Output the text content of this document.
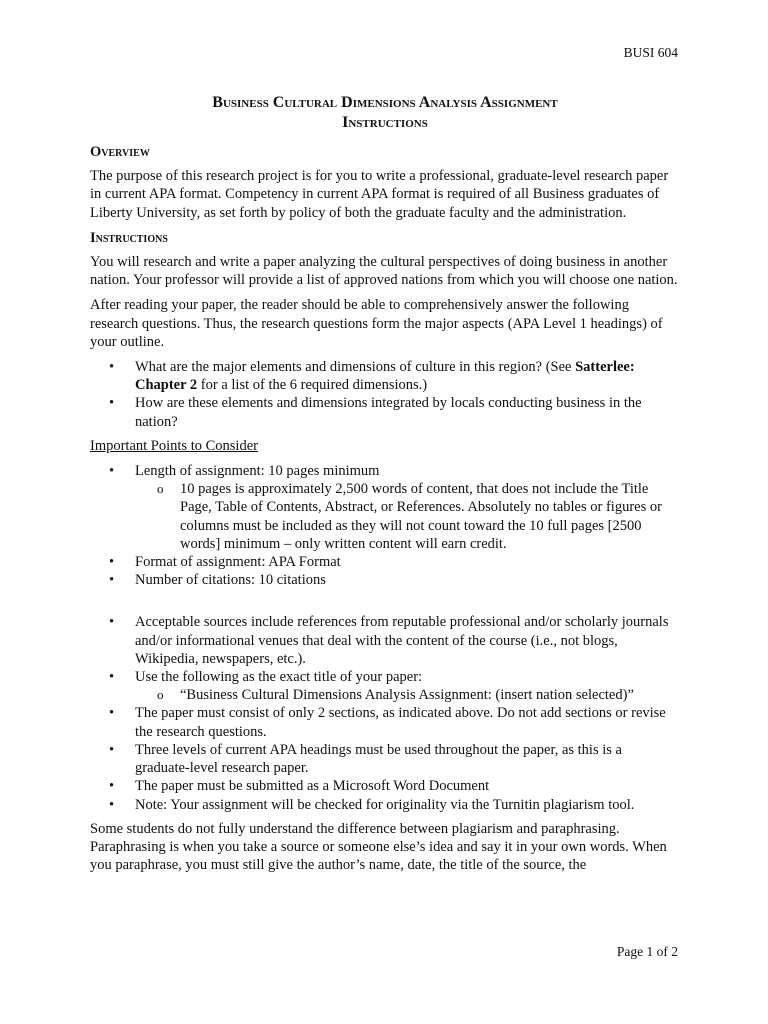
BUSI 604
Business Cultural Dimensions Analysis Assignment
Instructions
Overview

The purpose of this research project is for you to write a professional, graduate-level research paper in current APA format. Competency in current APA format is required of all Business graduates of Liberty University, as set forth by policy of both the graduate faculty and the administration.

Instructions

You will research and write a paper analyzing the cultural perspectives of doing business in another nation. Your professor will provide a list of approved nations from which you will choose one nation.

After reading your paper, the reader should be able to comprehensively answer the following research questions. Thus, the research questions form the major aspects (APA Level 1 headings) of your outline.

• What are the major elements and dimensions of culture in this region? (See Satterlee: Chapter 2 for a list of the 6 required dimensions.)
• How are these elements and dimensions integrated by locals conducting business in the nation?
Important Points to Consider
• Length of assignment: 10 pages minimum
o 10 pages is approximately 2,500 words of content, that does not include the Title Page, Table of Contents, Abstract, or References. Absolutely no tables or figures or columns must be included as they will not count toward the 10 full pages [2500 words] minimum – only written content will earn credit.
• Format of assignment: APA Format
• Number of citations: 10 citations
• Acceptable sources include references from reputable professional and/or scholarly journals and/or informational venues that deal with the content of the course (i.e., not blogs, Wikipedia, newspapers, etc.).
• Use the following as the exact title of your paper:
o “Business Cultural Dimensions Analysis Assignment: (insert nation selected)”
• The paper must consist of only 2 sections, as indicated above. Do not add sections or revise the research questions.
• Three levels of current APA headings must be used throughout the paper, as this is a graduate-level research paper.
• The paper must be submitted as a Microsoft Word Document
• Note: Your assignment will be checked for originality via the Turnitin plagiarism tool.

Some students do not fully understand the difference between plagiarism and paraphrasing. Paraphrasing is when you take a source or someone else’s idea and say it in your own words. When you paraphrase, you must still give the author’s name, date, the title of the source, the

Page 1 of 2
